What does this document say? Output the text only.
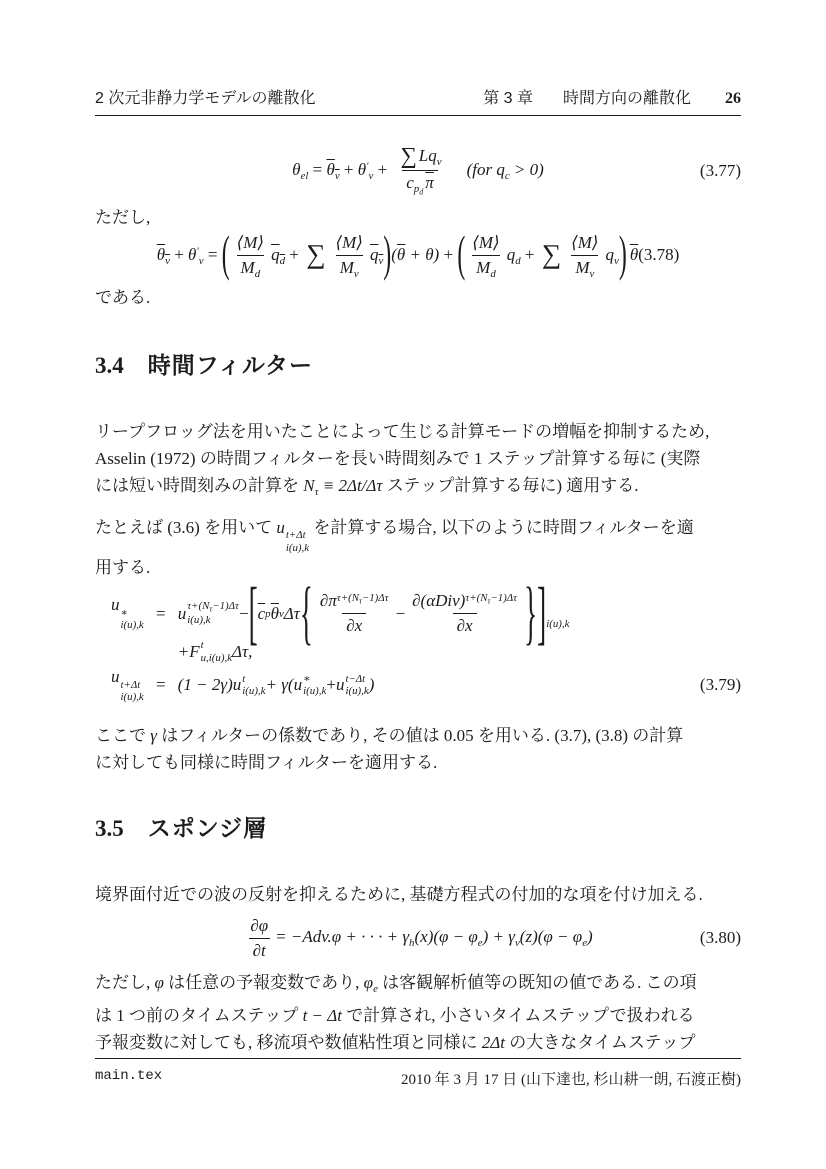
2 次元非静力学モデルの離散化	第 3 章 時間方向の離散化 26
$\theta_{el} = \theta_v + \theta'_v$ +
∑ $Lq_v$
$c_{p_d}$ $\overline{\pi}$
(for $q_c > 0$)	(3.77)
ただし,
$\theta_v + \theta'_v$ = ( $\frac{⟨M⟩}{M_d} q_d$ + ∑ $\frac{⟨M⟩}{M_v} q_v)(\overline{\theta} + \theta)$ + ( $\frac{⟨M⟩}{M_d} q_d$ + ∑ $\frac{⟨M⟩}{M_v} q_v$) $\overline{\theta}(3.78)$
である.
3.4 時間フィルター
リープフロッグ法を用いたことによって生じる計算モードの増幅を抑制するため,
Asselin (1972) の時間フィルターを長い時間刻みで 1 ステップ計算する毎に (実際
には短い時間刻みの計算を $N_\tau \equiv 2\Delta t/\Delta\tau$ ステップ計算する毎に) 適用する.
たとえば (3.6) を用いて u t+Δt
i(u),k
を計算する場合, 以下のように時間フィルターを適
用する.
u ∗
i(u),k
= u $\tau+(N_\tau-1)\Delta\tau$
i(u),k − [ $\overline{c}$ p $\overline{\theta}$ v Δτ { $\partial\pi^{\tau+(N_\tau-1)\Delta\tau}$
∂x
−
$\partial(\alpha Div)^{\tau+(N_\tau-1)\Delta\tau}$
∂x } ] i(u),k
+F t
u,i(u),k Δτ,
u t+Δt
i(u),k
= (1 − 2γ) u t
i(u),k + γ( u ∗
i(u),k + u t−Δt
i(u),k )	(3.79)
ここで γ はフィルターの係数であり, その値は 0.05 を用いる. (3.7), (3.8) の計算
に対しても同様に時間フィルターを適用する.
3.5 スポンジ層
境界面付近での波の反射を抑えるために, 基礎方程式の付加的な項を付け加える.
$\frac{\partial\varphi}{\partial t} = -Adv.\varphi$ + · · · + $\gamma_h(x)(\varphi - \varphi_e) + \gamma_v(z)(\varphi - \varphi_e)$	(3.80)
ただし, φ は任意の予報変数であり, $\varphi_e$ は客観解析値等の既知の値である. この項
は 1 つ前のタイムステップ t − Δt で計算され, 小さいタイムステップで扱われる
予報変数に対しても, 移流項や数値粘性項と同様に 2Δt の大きなタイムステップ
main.tex	2010 年 3 月 17 日 (山下達也, 杉山耕一朗, 石渡正樹)
